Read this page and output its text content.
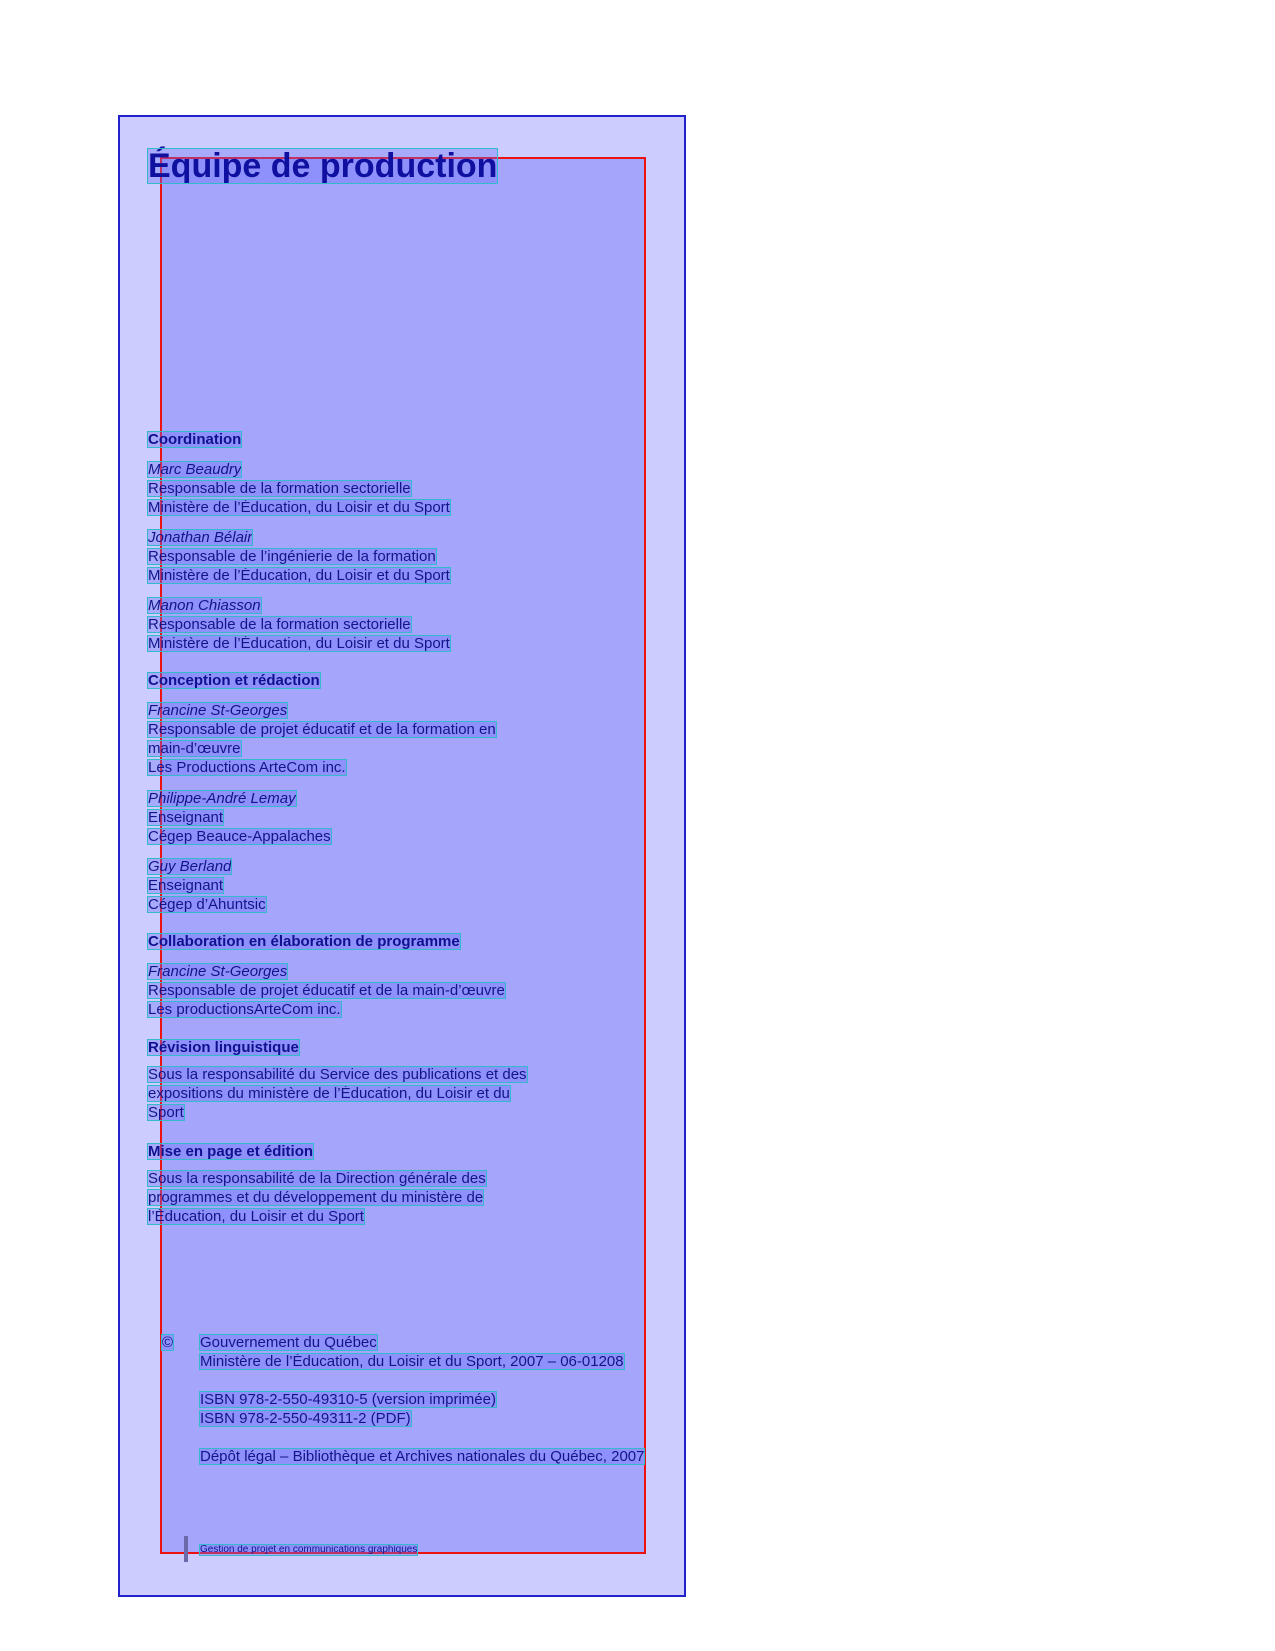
Équipe de production
Coordination
Marc Beaudry
Responsable de la formation sectorielle
Ministère de l’Éducation, du Loisir et du Sport
Jonathan Bélair
Responsable de l’ingénierie de la formation
Ministère de l’Éducation, du Loisir et du Sport
Manon Chiasson
Responsable de la formation sectorielle
Ministère de l’Éducation, du Loisir et du Sport
Conception et rédaction
Francine St-Georges
Responsable de projet éducatif et de la formation en
main-d’œuvre
Les Productions ArteCom inc.
Philippe-André Lemay
Enseignant
Cégep Beauce-Appalaches
Guy Berland
Enseignant
Cégep d’Ahuntsic
Collaboration en élaboration de programme
Francine St-Georges
Responsable de projet éducatif et de la main-d’œuvre
Les productionsArteCom inc.
Révision linguistique
Sous la responsabilité du Service des publications et des
expositions du ministère de l’Éducation, du Loisir et du
Sport
Mise en page et édition
Sous la responsabilité de la Direction générale des
programmes et du développement du ministère de
l’Éducation, du Loisir et du Sport
© Gouvernement du Québec
Ministère de l’Éducation, du Loisir et du Sport, 2007 – 06-01208
ISBN 978-2-550-49310-5 (version imprimée)
ISBN 978-2-550-49311-2 (PDF)
Dépôt légal – Bibliothèque et Archives nationales du Québec, 2007
Gestion de projet en communications graphiques
